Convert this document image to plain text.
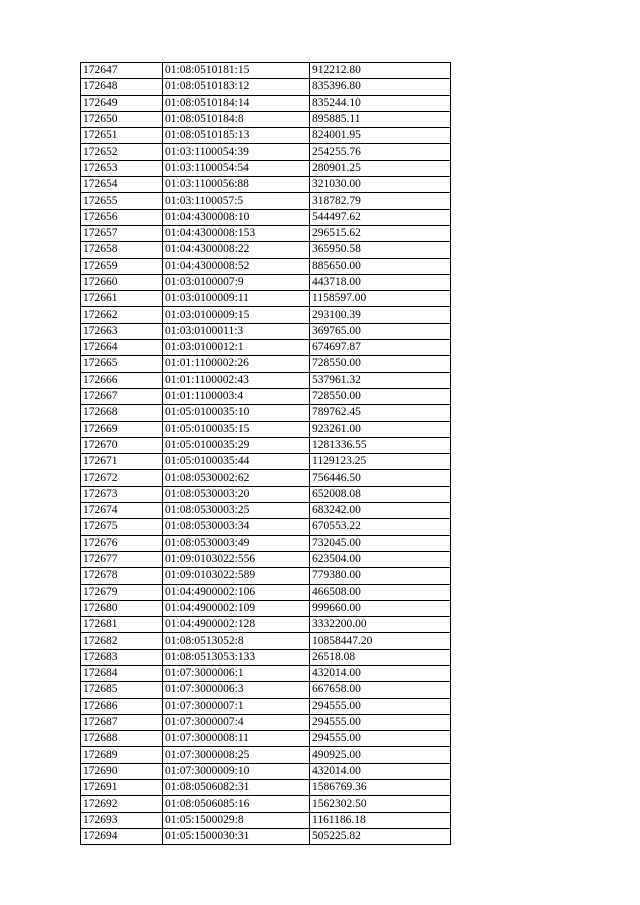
172647	01:08:0510181:15	912212.80
172648	01:08:0510183:12	835396.80
172649	01:08:0510184:14	835244.10
172650	01:08:0510184:8	895885.11
172651	01:08:0510185:13	824001.95
172652	01:03:1100054:39	254255.76
172653	01:03:1100054:54	280901.25
172654	01:03:1100056:88	321030.00
172655	01:03:1100057:5	318782.79
172656	01:04:4300008:10	544497.62
172657	01:04:4300008:153	296515.62
172658	01:04:4300008:22	365950.58
172659	01:04:4300008:52	885650.00
172660	01:03:0100007:9	443718.00
172661	01:03:0100009:11	1158597.00
172662	01:03:0100009:15	293100.39
172663	01:03:0100011:3	369765.00
172664	01:03:0100012:1	674697.87
172665	01:01:1100002:26	728550.00
172666	01:01:1100002:43	537961.32
172667	01:01:1100003:4	728550.00
172668	01:05:0100035:10	789762.45
172669	01:05:0100035:15	923261.00
172670	01:05:0100035:29	1281336.55
172671	01:05:0100035:44	1129123.25
172672	01:08:0530002:62	756446.50
172673	01:08:0530003:20	652008.08
172674	01:08:0530003:25	683242.00
172675	01:08:0530003:34	670553.22
172676	01:08:0530003:49	732045.00
172677	01:09:0103022:556	623504.00
172678	01:09:0103022:589	779380.00
172679	01:04:4900002:106	466508.00
172680	01:04:4900002:109	999660.00
172681	01:04:4900002:128	3332200.00
172682	01:08:0513052:8	10858447.20
172683	01:08:0513053:133	26518.08
172684	01:07:3000006:1	432014.00
172685	01:07:3000006:3	667658.00
172686	01:07:3000007:1	294555.00
172687	01:07:3000007:4	294555.00
172688	01:07:3000008:11	294555.00
172689	01:07:3000008:25	490925.00
172690	01:07:3000009:10	432014.00
172691	01:08:0506082:31	1586769.36
172692	01:08:0506085:16	1562302.50
172693	01:05:1500029:8	1161186.18
172694	01:05:1500030:31	505225.82
